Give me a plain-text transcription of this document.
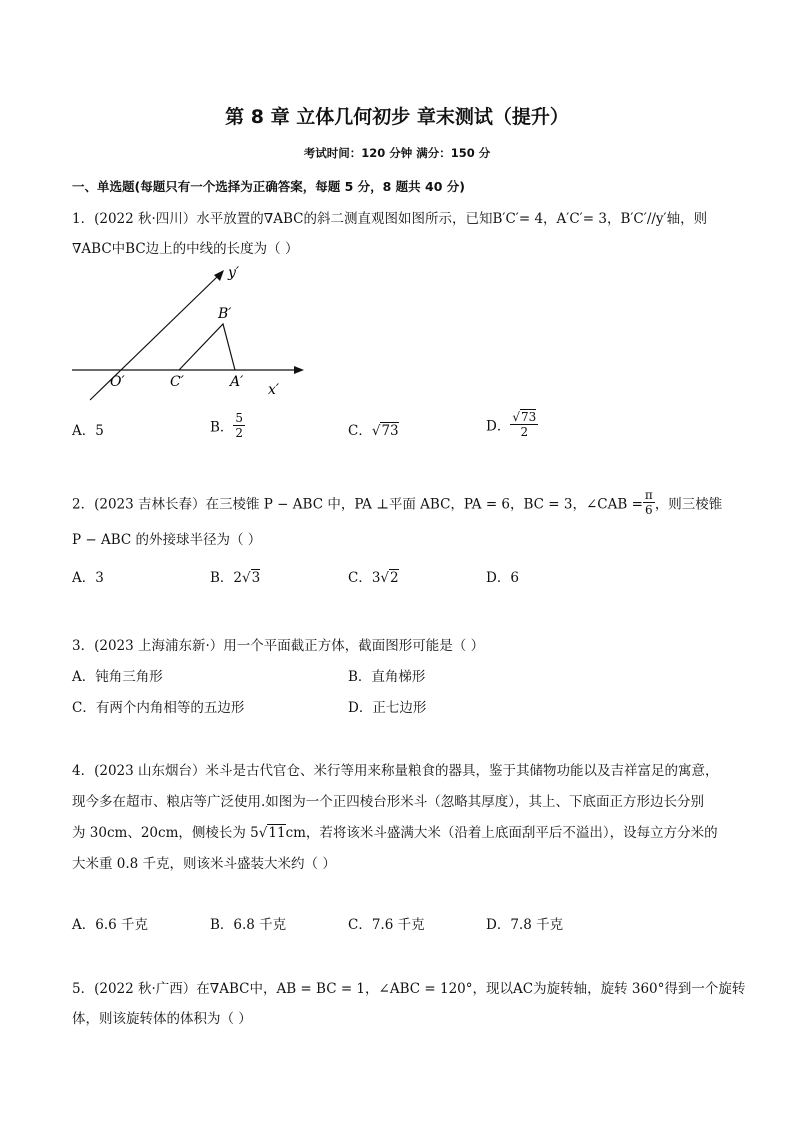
第 8 章 立体几何初步 章末测试（提升）
考试时间：120 分钟 满分：150 分
一、单选题(每题只有一个选择为正确答案，每题 5 分，8 题共 40 分)
1．(2022 秋·四川）水平放置的∇ABC的斜二测直观图如图所示，已知B′C′= 4，A′C′= 3，B′C′//y′轴，则
∇ABC中BC边上的中线的长度为（ ）
y′
x′
O′	C′	A′
B′
A．5	B． $\frac{5}{2}$	C．√73	D． $\frac{√73}{2}$
2．(2023 吉林长春）在三棱锥 P − ABC 中，PA ⊥平面 ABC，PA = 6，BC = 3，∠CAB = $\frac{\pi}{6}$ ，则三棱锥
P − ABC 的外接球半径为（ ）
A．3	B．2√3	C．3√2	D．6
3．(2023 上海浦东新·）用一个平面截正方体，截面图形可能是（ ）
A．钝角三角形	B．直角梯形
C．有两个内角相等的五边形	D．正七边形
4．(2023 山东烟台）米斗是古代官仓、米行等用来称量粮食的器具，鉴于其储物功能以及吉祥富足的寓意，
现今多在超市、粮店等广泛使用.如图为一个正四棱台形米斗（忽略其厚度），其上、下底面正方形边长分别
为 30cm、20cm，侧棱长为 5√11cm，若将该米斗盛满大米（沿着上底面刮平后不溢出），设每立方分米的
大米重 0.8 千克，则该米斗盛装大米约（ ）
A．6.6 千克	B．6.8 千克	C．7.6 千克	D．7.8 千克
5．(2022 秋·广西）在∇ABC中，AB = BC = 1，∠ABC = 120°，现以AC为旋转轴，旋转 360°得到一个旋转
体，则该旋转体的体积为（ ）
